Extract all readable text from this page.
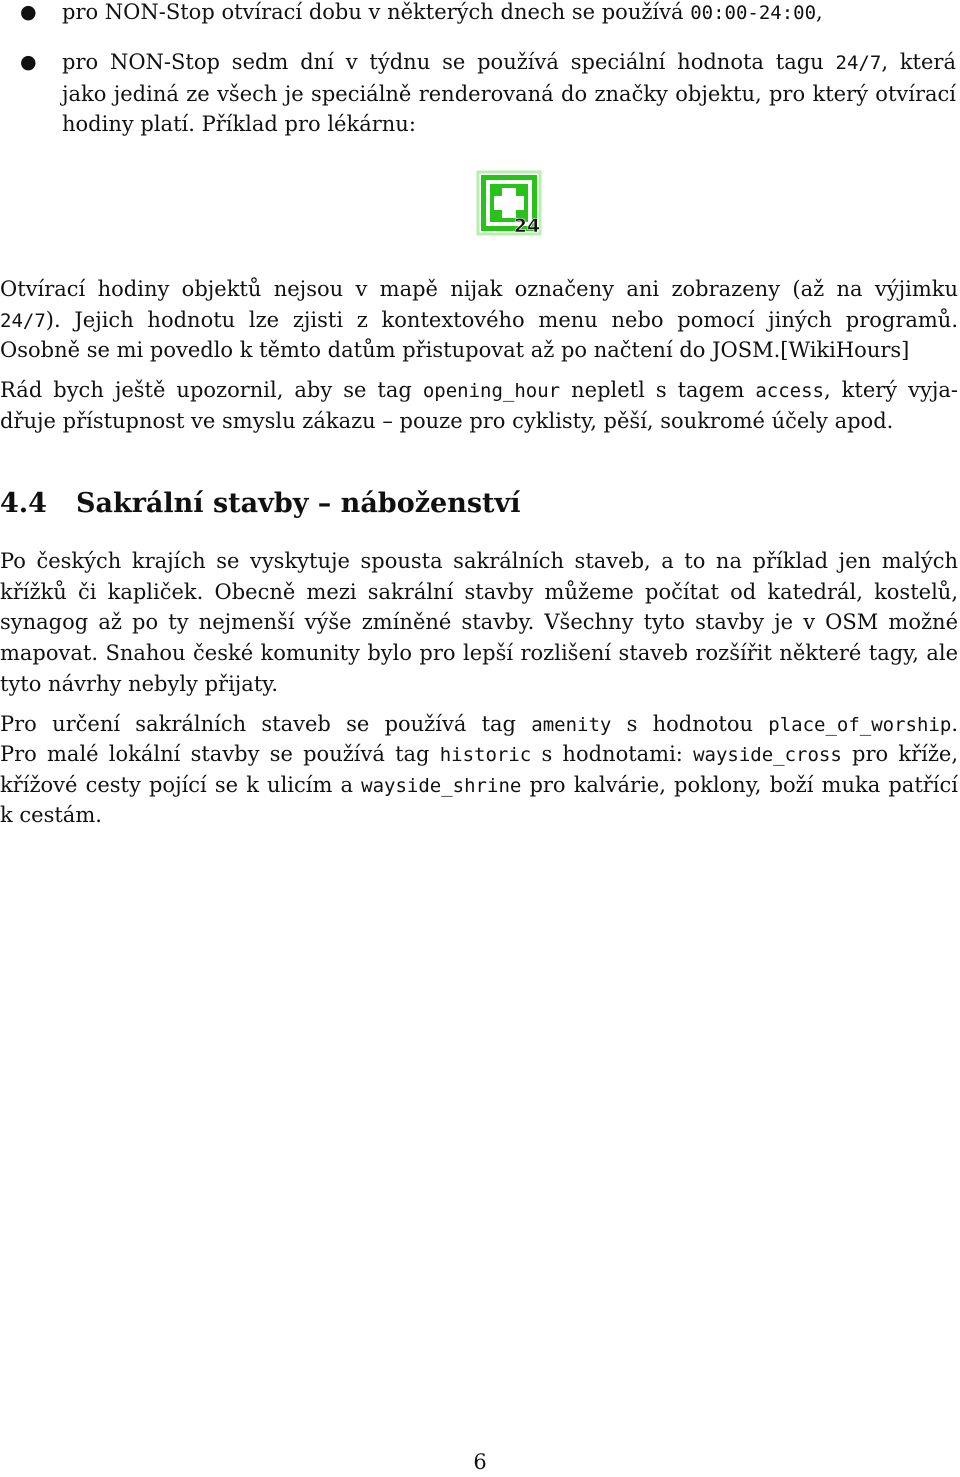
● pro NON-Stop otvírací dobu v některých dnech se používá 00:00-24:00,
● pro NON-Stop sedm dní v týdnu se používá speciální hodnota tagu 24/7, která
jako jediná ze všech je speciálně renderovaná do značky objektu, pro který otvírací
hodiny platí. Příklad pro lékárnu:
24
Otvírací hodiny objektů nejsou v mapě nijak označeny ani zobrazeny (až na výjimku
24/7). Jejich hodnotu lze zjisti z kontextového menu nebo pomocí jiných programů.
Osobně se mi povedlo k těmto datům přistupovat až po načtení do JOSM.[WikiHours]
Rád bych ještě upozornil, aby se tag opening_hour nepletl s tagem access, který vyja-
dřuje přístupnost ve smyslu zákazu – pouze pro cyklisty, pěší, soukromé účely apod.
4.4 Sakrální stavby – náboženství
Po českých krajích se vyskytuje spousta sakrálních staveb, a to na příklad jen malých
křížků či kapliček. Obecně mezi sakrální stavby můžeme počítat od katedrál, kostelů,
synagog až po ty nejmenší výše zmíněné stavby. Všechny tyto stavby je v OSM možné
mapovat. Snahou české komunity bylo pro lepší rozlišení staveb rozšířit některé tagy, ale
tyto návrhy nebyly přijaty.
Pro určení sakrálních staveb se používá tag amenity s hodnotou place_of_worship.
Pro malé lokální stavby se používá tag historic s hodnotami: wayside_cross pro kříže,
křížové cesty pojící se k ulicím a wayside_shrine pro kalvárie, poklony, boží muka patřící
k cestám.
6
